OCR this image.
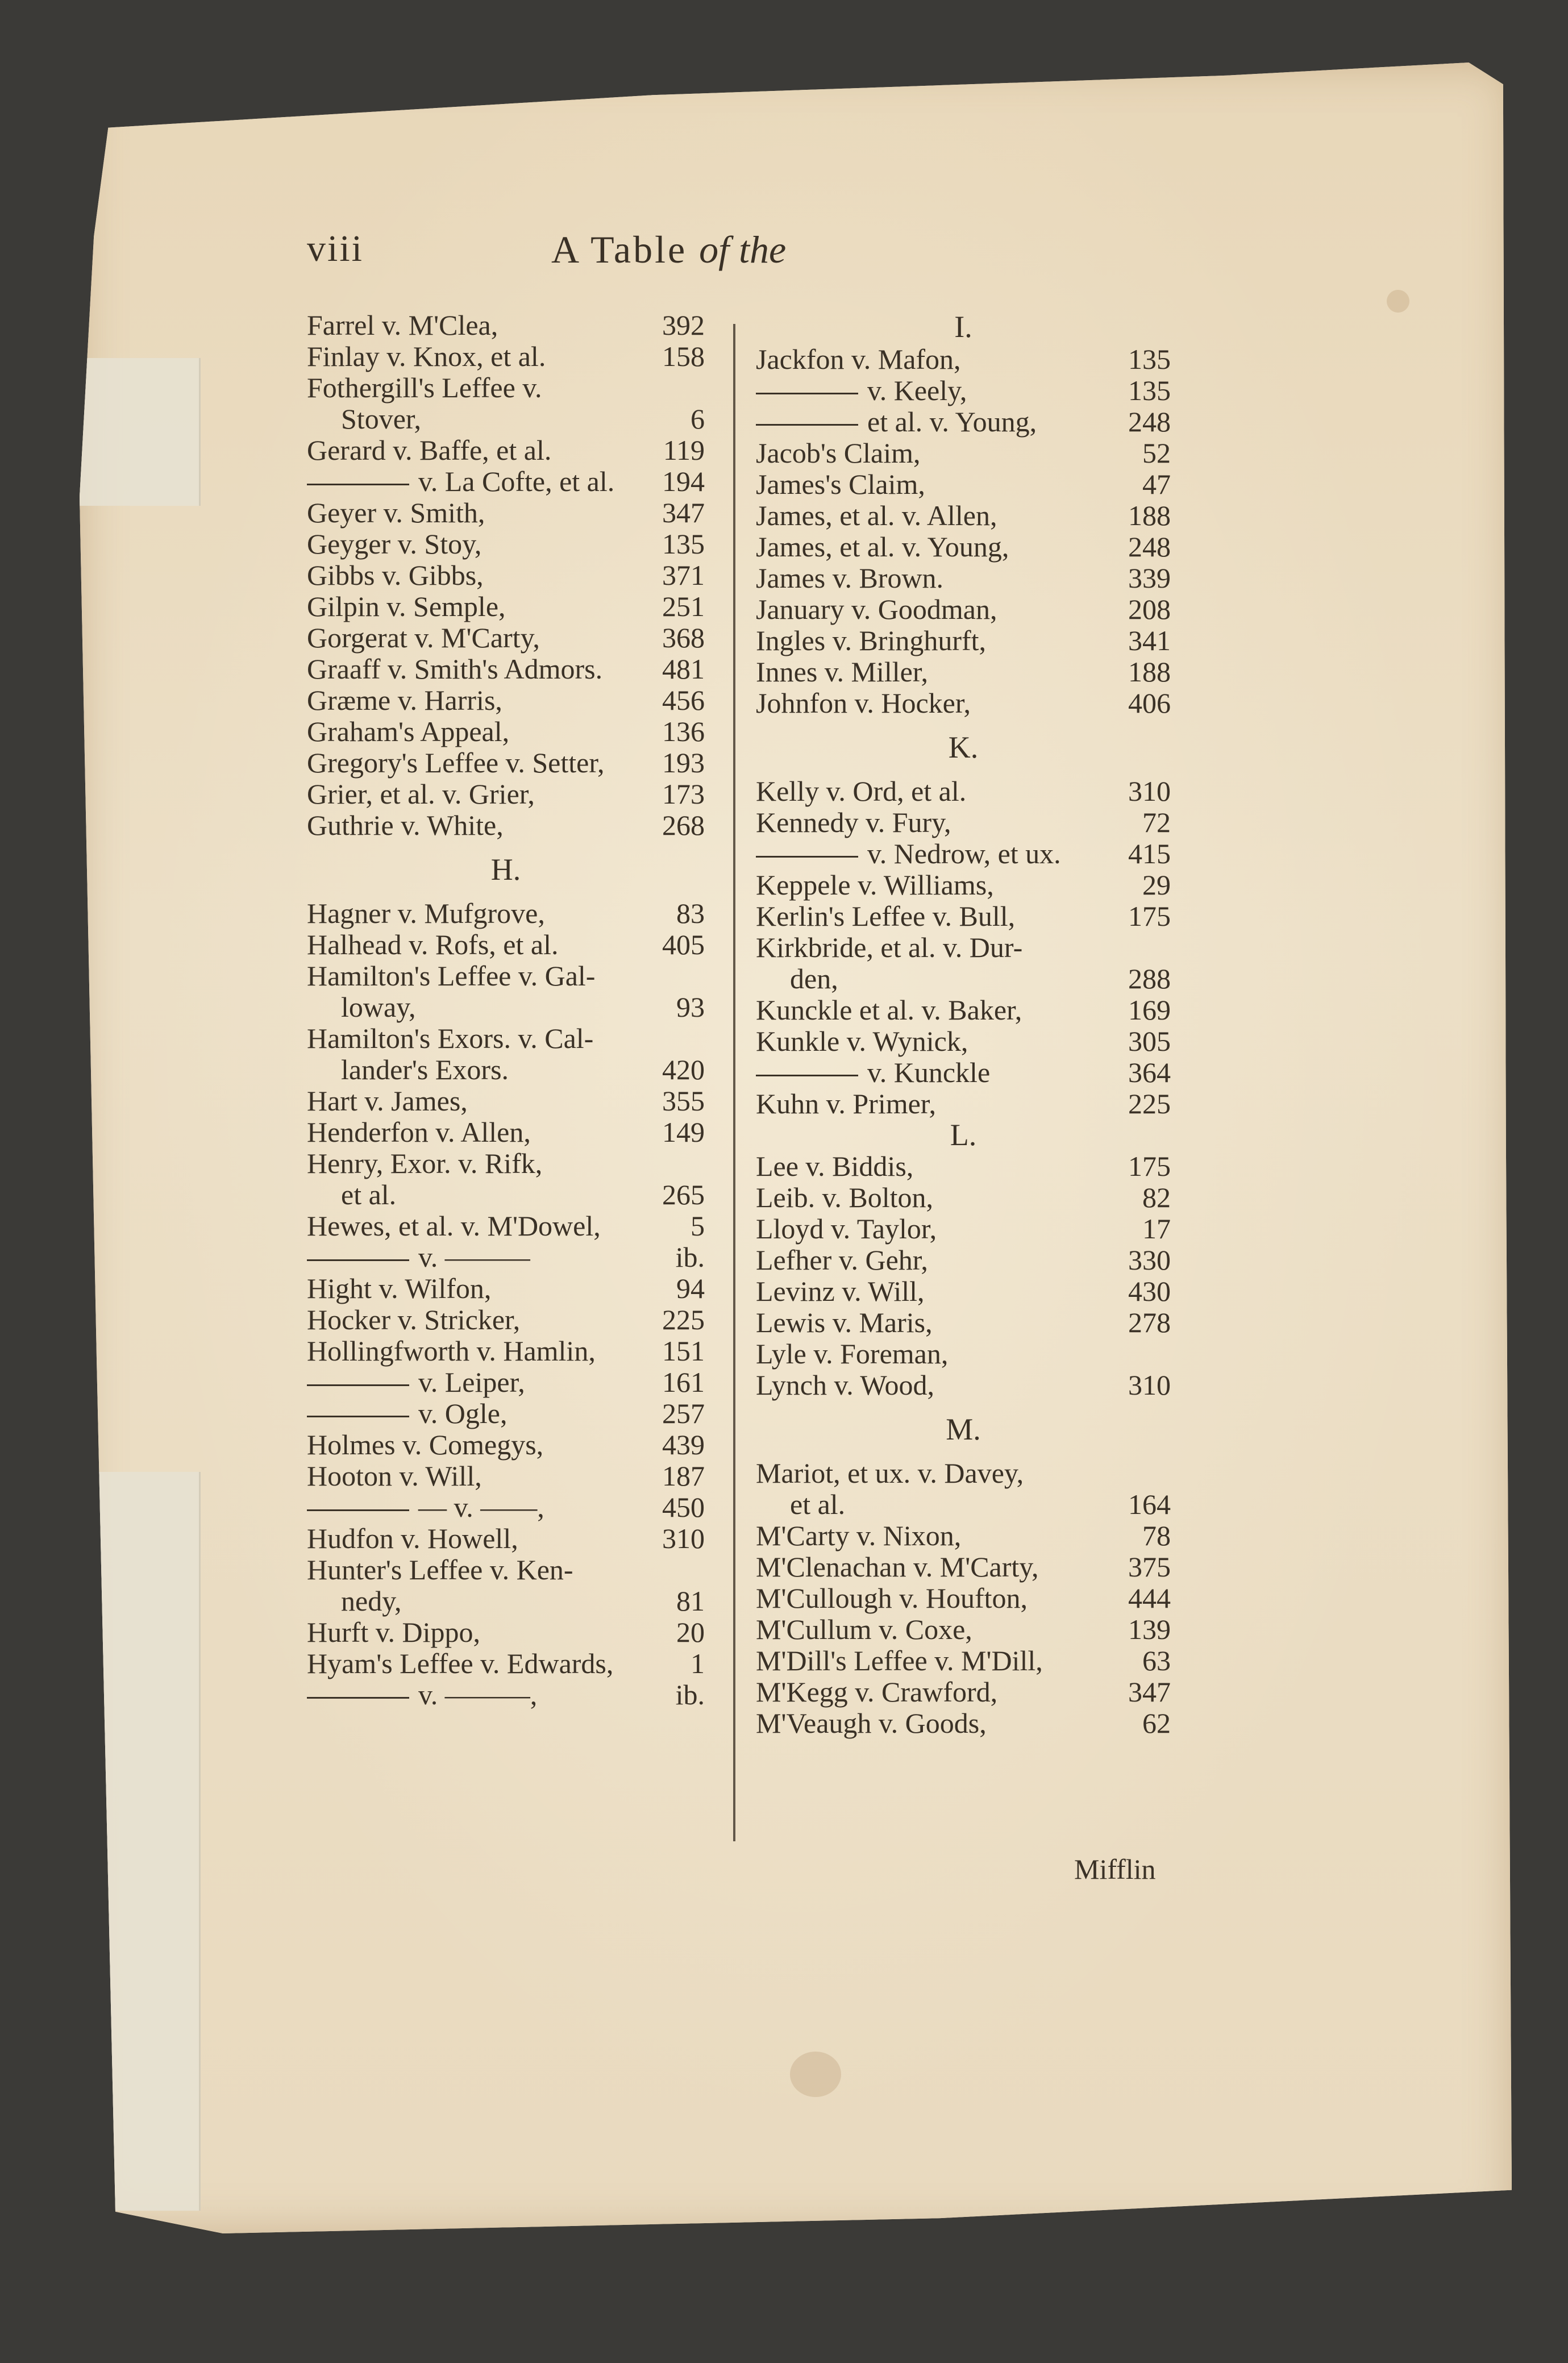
viii	A Table of the
Farrel v. M'Clea,	392
Finlay v. Knox, et al.	158
Fothergill's Leffee v.
Stover,	6
Gerard v. Baffe, et al.	119
v. La Cofte, et al. 194
Geyer v. Smith,	347
Geyger v. Stoy,	135
Gibbs v. Gibbs,	371
Gilpin v. Semple,	251
Gorgerat v. M'Carty,	368
Graaff v. Smith's Admors. 481
Græme v. Harris,	456
Graham's Appeal,	136
Gregory's Leffee v. Setter, 193
Grier, et al. v. Grier,	173
Guthrie v. White,	268
H.
Hagner v. Mufgrove,	83
Halhead v. Rofs, et al.	405
Hamilton's Leffee v. Gal-
loway,	93
Hamilton's Exors. v. Cal-
lander's Exors.	420
Hart v. James,	355
Henderfon v. Allen,	149
Henry, Exor. v. Rifk,
et al.	265
Hewes, et al. v. M'Dowel,	5
v. ———	ib.
Hight v. Wilfon,	94
Hocker v. Stricker,	225
Hollingfworth v. Hamlin, 151
v. Leiper,	161
v. Ogle,	257
Holmes v. Comegys,	439
Hooton v. Will,	187
— v. ——,	450
Hudfon v. Howell,	310
Hunter's Leffee v. Ken-
nedy,	81
Hurft v. Dippo,	20
Hyam's Leffee v. Edwards,	1
v. ———,	ib.
I.
Jackfon v. Mafon,	135
v. Keely,	135
et al. v. Young,	248
Jacob's Claim,	52
James's Claim,	47
James, et al. v. Allen,	188
James, et al. v. Young,	248
James v. Brown.	339
January v. Goodman,	208
Ingles v. Bringhurft,	341
Innes v. Miller,	188
Johnfon v. Hocker,	406
K.
Kelly v. Ord, et al.	310
Kennedy v. Fury,	72
v. Nedrow, et ux. 415
Keppele v. Williams,	29
Kerlin's Leffee v. Bull,	175
Kirkbride, et al. v. Dur-
den,	288
Kunckle et al. v. Baker,	169
Kunkle v. Wynick,	305
v. Kunckle	364
Kuhn v. Primer,	225
L.
Lee v. Biddis,	175
Leib. v. Bolton,	82
Lloyd v. Taylor,	17
Lefher v. Gehr,	330
Levinz v. Will,	430
Lewis v. Maris,	278
Lyle v. Foreman,
Lynch v. Wood,	310
M.
Mariot, et ux. v. Davey,
et al.	164
M'Carty v. Nixon,	78
M'Clenachan v. M'Carty,	375
M'Cullough v. Houfton,	444
M'Cullum v. Coxe,	139
M'Dill's Leffee v. M'Dill,	63
M'Kegg v. Crawford,	347
M'Veaugh v. Goods,	62
Mifflin
